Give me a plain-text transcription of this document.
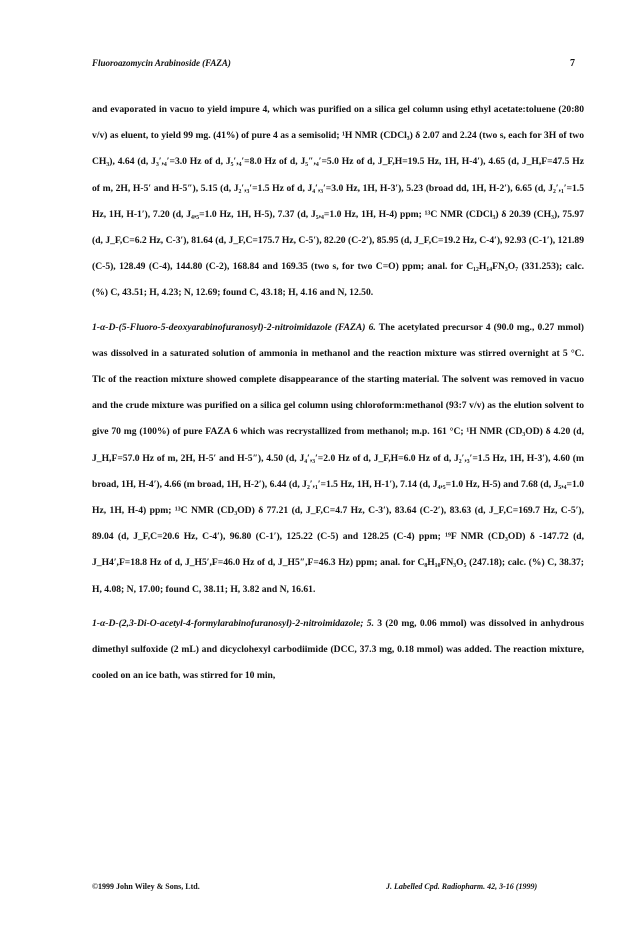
Fluoroazomycin Arabinoside (FAZA)	7

and evaporated in vacuo to yield impure 4, which was purified on a silica gel column using ethyl acetate:toluene (20:80 v/v) as eluent, to yield 99 mg. (41%) of pure 4 as a semisolid; ¹H NMR (CDCl₃) δ 2.07 and 2.24 (two s, each for 3H of two CH₃), 4.64 (d, J₃′,₄′=3.0 Hz of d, J₅′,₄′=8.0 Hz of d, J₅″,₄′=5.0 Hz of d, J_F,H=19.5 Hz, 1H, H-4′), 4.65 (d, J_H,F=47.5 Hz of m, 2H, H-5′ and H-5″), 5.15 (d, J₂′,₃′=1.5 Hz of d, J₄′,₃′=3.0 Hz, 1H, H-3′), 5.23 (broad dd, 1H, H-2′), 6.65 (d, J₂′,₁′=1.5 Hz, 1H, H-1′), 7.20 (d, J₄,₅=1.0 Hz, 1H, H-5), 7.37 (d, J₅,₄=1.0 Hz, 1H, H-4) ppm; ¹³C NMR (CDCl₃) δ 20.39 (CH₃), 75.97 (d, J_F,C=6.2 Hz, C-3′), 81.64 (d, J_F,C=175.7 Hz, C-5′), 82.20 (C-2′), 85.95 (d, J_F,C=19.2 Hz, C-4′), 92.93 (C-1′), 121.89 (C-5), 128.49 (C-4), 144.80 (C-2), 168.84 and 169.35 (two s, for two C=O) ppm; anal. for C₁₂H₁₄FN₃O₇ (331.253); calc. (%) C, 43.51; H, 4.23; N, 12.69; found C, 43.18; H, 4.16 and N, 12.50.

1-α-D-(5-Fluoro-5-deoxyarabinofuranosyl)-2-nitroimidazole (FAZA) 6. The acetylated precursor 4 (90.0 mg., 0.27 mmol) was dissolved in a saturated solution of ammonia in methanol and the reaction mixture was stirred overnight at 5 °C. Tlc of the reaction mixture showed complete disappearance of the starting material. The solvent was removed in vacuo and the crude mixture was purified on a silica gel column using chloroform:methanol (93:7 v/v) as the elution solvent to give 70 mg (100%) of pure FAZA 6 which was recrystallized from methanol; m.p. 161 °C; ¹H NMR (CD₃OD) δ 4.20 (d, J_H,F=57.0 Hz of m, 2H, H-5′ and H-5″), 4.50 (d, J₄′,₃′=2.0 Hz of d, J_F,H=6.0 Hz of d, J₂′,₃′=1.5 Hz, 1H, H-3′), 4.60 (m broad, 1H, H-4′), 4.66 (m broad, 1H, H-2′), 6.44 (d, J₂′,₁′=1.5 Hz, 1H, H-1′), 7.14 (d, J₄,₅=1.0 Hz, H-5) and 7.68 (d, J₅,₄=1.0 Hz, 1H, H-4) ppm; ¹³C NMR (CD₃OD) δ 77.21 (d, J_F,C=4.7 Hz, C-3′), 83.64 (C-2′), 83.63 (d, J_F,C=169.7 Hz, C-5′), 89.04 (d, J_F,C=20.6 Hz, C-4′), 96.80 (C-1′), 125.22 (C-5) and 128.25 (C-4) ppm; ¹⁹F NMR (CD₃OD) δ -147.72 (d, J_H4′,F=18.8 Hz of d, J_H5′,F=46.0 Hz of d, J_H5″,F=46.3 Hz) ppm; anal. for C₈H₁₀FN₃O₅ (247.18); calc. (%) C, 38.37; H, 4.08; N, 17.00; found C, 38.11; H, 3.82 and N, 16.61.

1-α-D-(2,3-Di-O-acetyl-4-formylarabinofuranosyl)-2-nitroimidazole; 5. 3 (20 mg, 0.06 mmol) was dissolved in anhydrous dimethyl sulfoxide (2 mL) and dicyclohexyl carbodiimide (DCC, 37.3 mg, 0.18 mmol) was added. The reaction mixture, cooled on an ice bath, was stirred for 10 min,

©1999 John Wiley & Sons, Ltd.	J. Labelled Cpd. Radiopharm. 42, 3-16 (1999)
